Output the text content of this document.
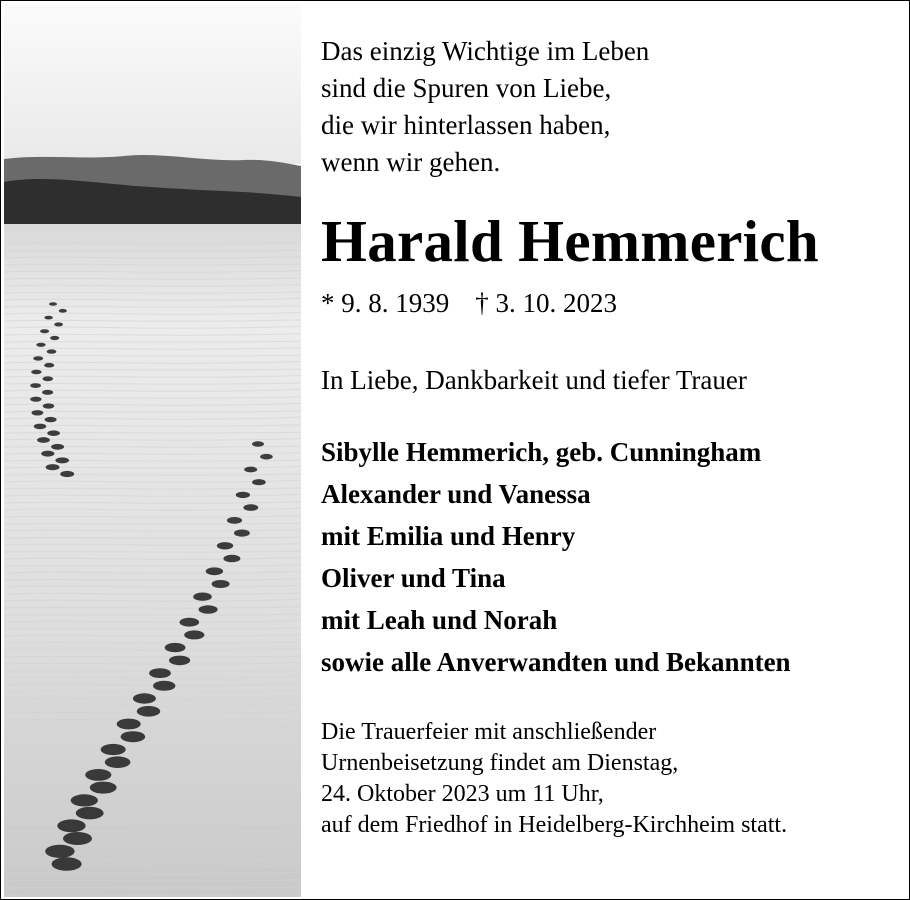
Das einzig Wichtige im Leben
sind die Spuren von Liebe,
die wir hinterlassen haben,
wenn wir gehen.
Harald Hemmerich
* 9. 8. 1939 † 3. 10. 2023
In Liebe, Dankbarkeit und tiefer Trauer
Sibylle Hemmerich, geb. Cunningham
Alexander und Vanessa
mit Emilia und Henry
Oliver und Tina
mit Leah und Norah
sowie alle Anverwandten und Bekannten
Die Trauerfeier mit anschließender
Urnenbeisetzung findet am Dienstag,
24. Oktober 2023 um 11 Uhr,
auf dem Friedhof in Heidelberg-Kirchheim statt.
